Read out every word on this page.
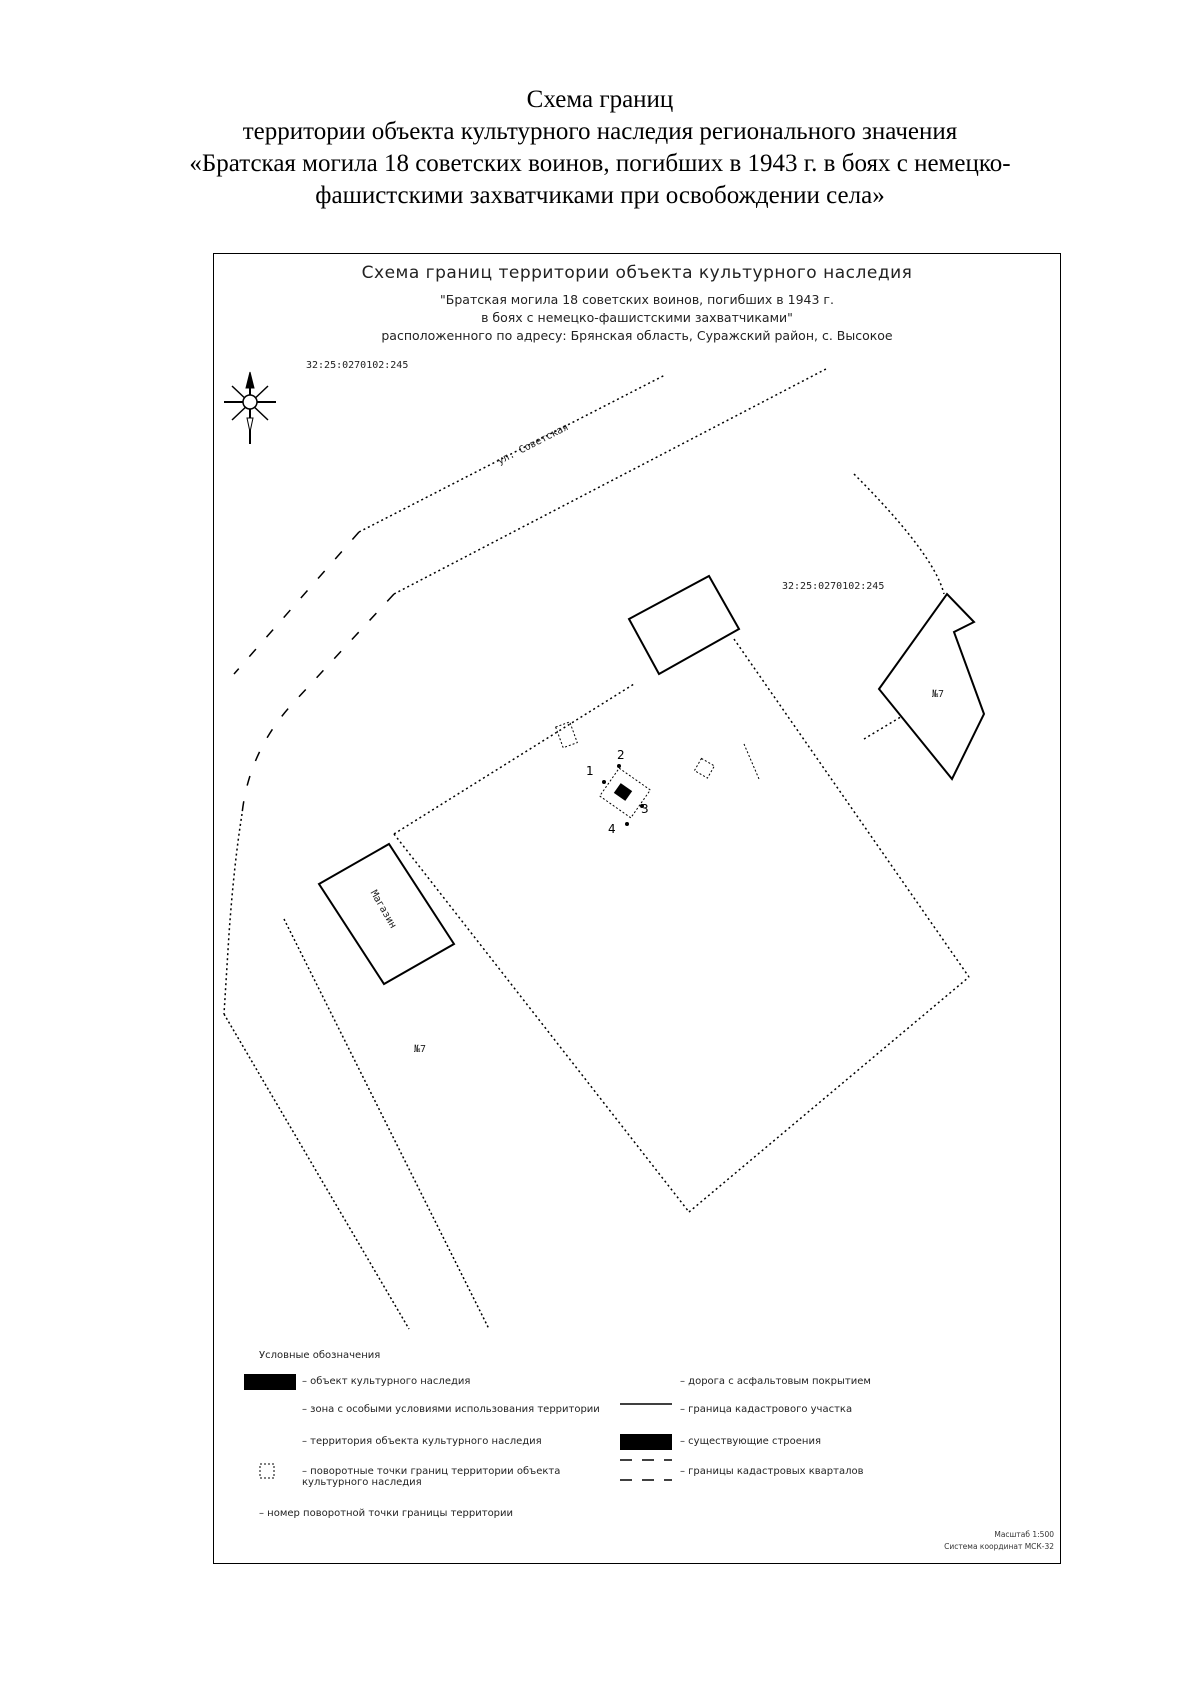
Схема границ
территории объекта культурного наследия регионального значения
«Братская могила 18 советских воинов, погибших в 1943 г. в боях с немецко-
фашистскими захватчиками при освобождении села»
Схема границ территории объекта культурного наследия
"Братская могила 18 советских воинов, погибших в 1943 г.
в боях с немецко-фашистскими захватчиками"
расположенного по адресу: Брянская область, Суражский район, с. Высокое
32:25:0270102:245
32:25:0270102:245
ул. Советская
Магазин
№7
№7
1
2
3
4
Условные обозначения
– объект культурного наследия
– зона с особыми условиями использования территории
– территория объекта культурного наследия
– поворотные точки границ территории объекта культурного наследия
– номер поворотной точки границы территории
– дорога с асфальтовым покрытием
– граница кадастрового участка
– существующие строения
– границы кадастровых кварталов
Масштаб 1:500
Система координат МСК-32
